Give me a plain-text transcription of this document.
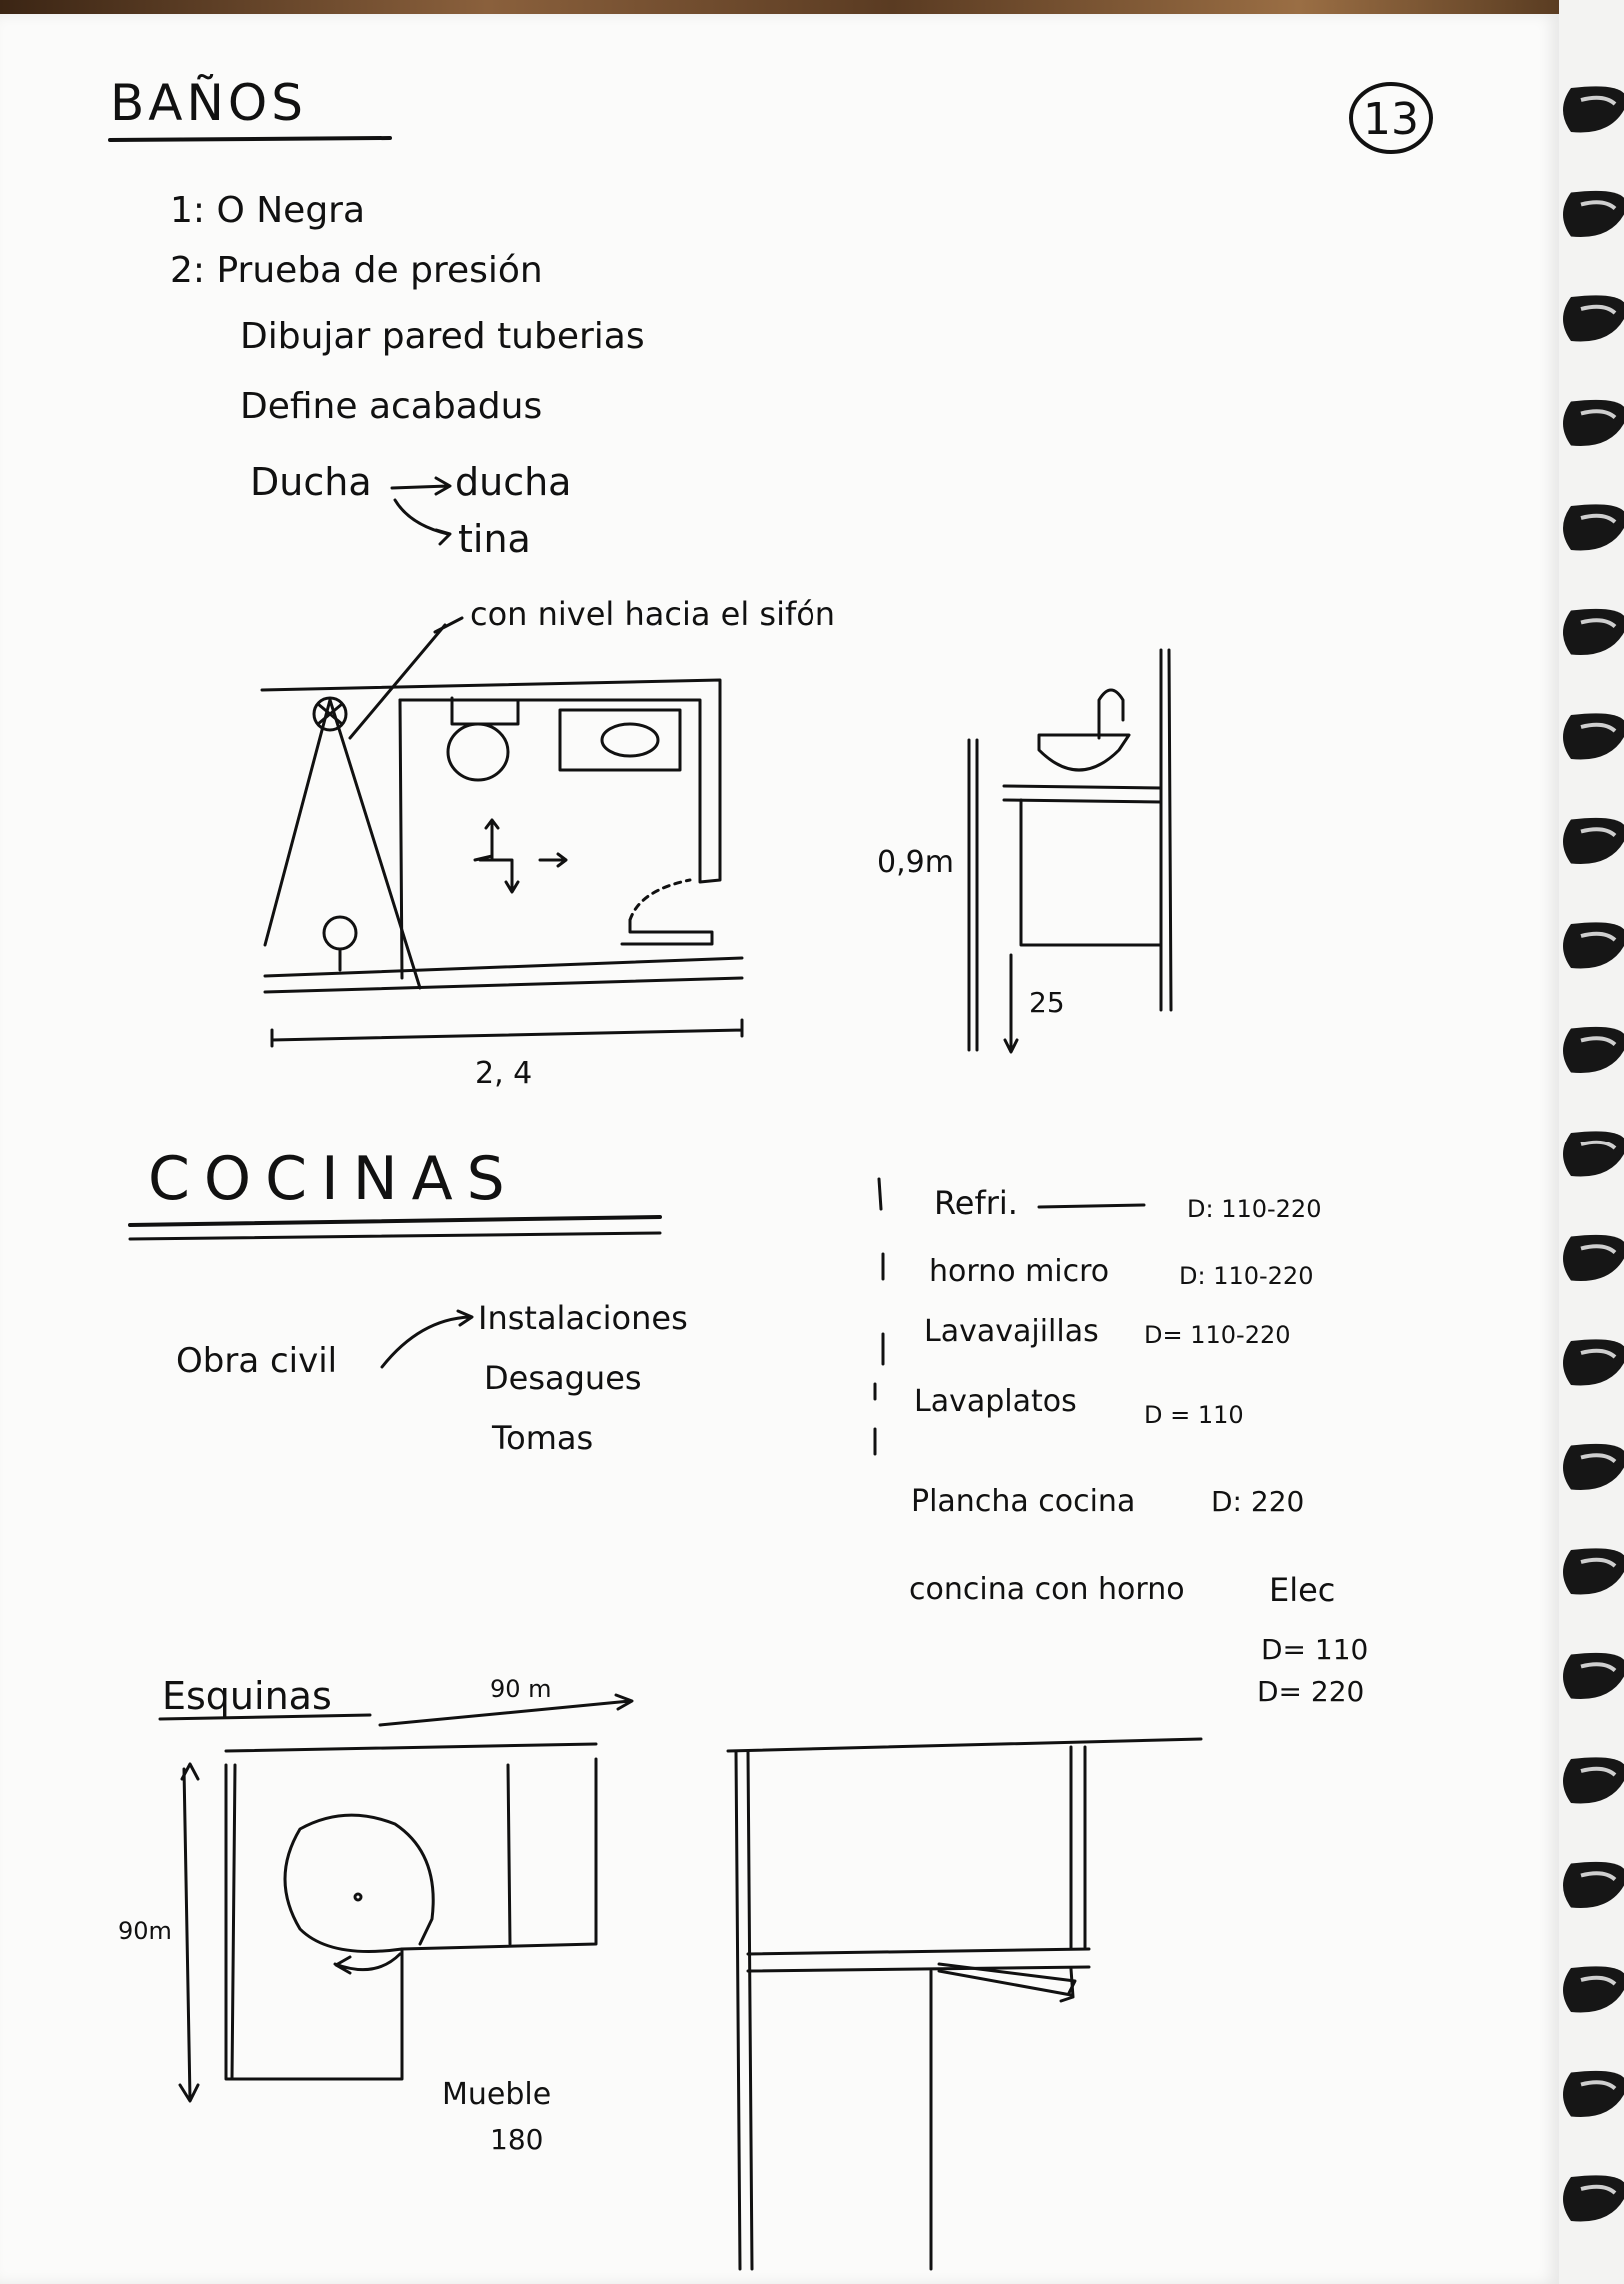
13
BAÑOS
1: O Negra
2: Prueba de presión
Dibujar pared tuberias
Define acabadus
Ducha ducha
tina
con nivel hacia el sifón
2, 4
0,9m
25
COCINAS
Obra civil
Instalaciones
Desagues
Tomas
Refri.	D: 110-220
horno micro	D: 110-220
Lavavajillas D= 110-220
Lavaplatos	D = 110
Plancha cocina	D: 220
concina con horno	Elec
D= 110
D= 220
Esquinas	90 m
90m
Mueble
180
